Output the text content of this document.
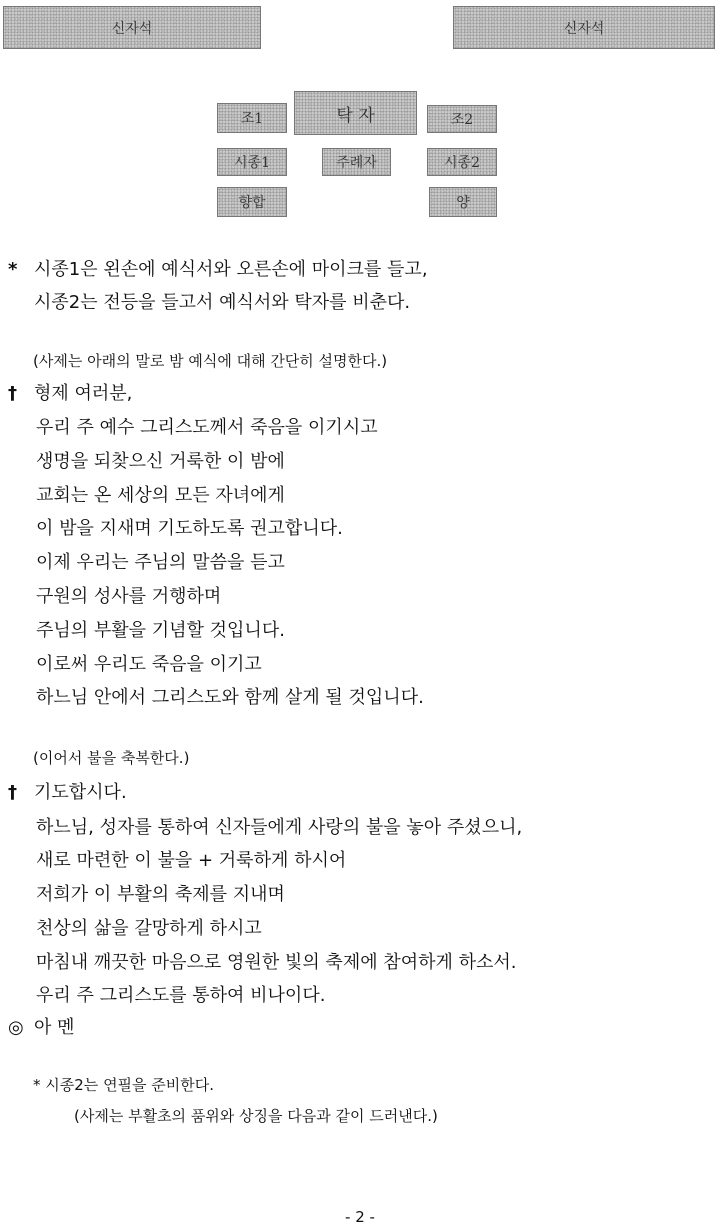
신자석	신자석
탁 자
조1	조2
시종1	주례자	시종2
향합	양
* 시종1은 왼손에 예식서와 오른손에 마이크를 들고,
시종2는 전등을 들고서 예식서와 탁자를 비춘다.
(사제는 아래의 말로 밤 예식에 대해 간단히 설명한다.)
† 형제 여러분,
우리 주 예수 그리스도께서 죽음을 이기시고
생명을 되찾으신 거룩한 이 밤에
교회는 온 세상의 모든 자녀에게
이 밤을 지새며 기도하도록 권고합니다.
이제 우리는 주님의 말씀을 듣고
구원의 성사를 거행하며
주님의 부활을 기념할 것입니다.
이로써 우리도 죽음을 이기고
하느님 안에서 그리스도와 함께 살게 될 것입니다.
(이어서 불을 축복한다.)
† 기도합시다.
하느님, 성자를 통하여 신자들에게 사랑의 불을 놓아 주셨으니,
새로 마련한 이 불을 + 거룩하게 하시어
저희가 이 부활의 축제를 지내며
천상의 삶을 갈망하게 하시고
마침내 깨끗한 마음으로 영원한 빛의 축제에 참여하게 하소서.
우리 주 그리스도를 통하여 비나이다.
◎ 아 멘
* 시종2는 연필을 준비한다.
(사제는 부활초의 품위와 상징을 다음과 같이 드러낸다.)
- 2 -
